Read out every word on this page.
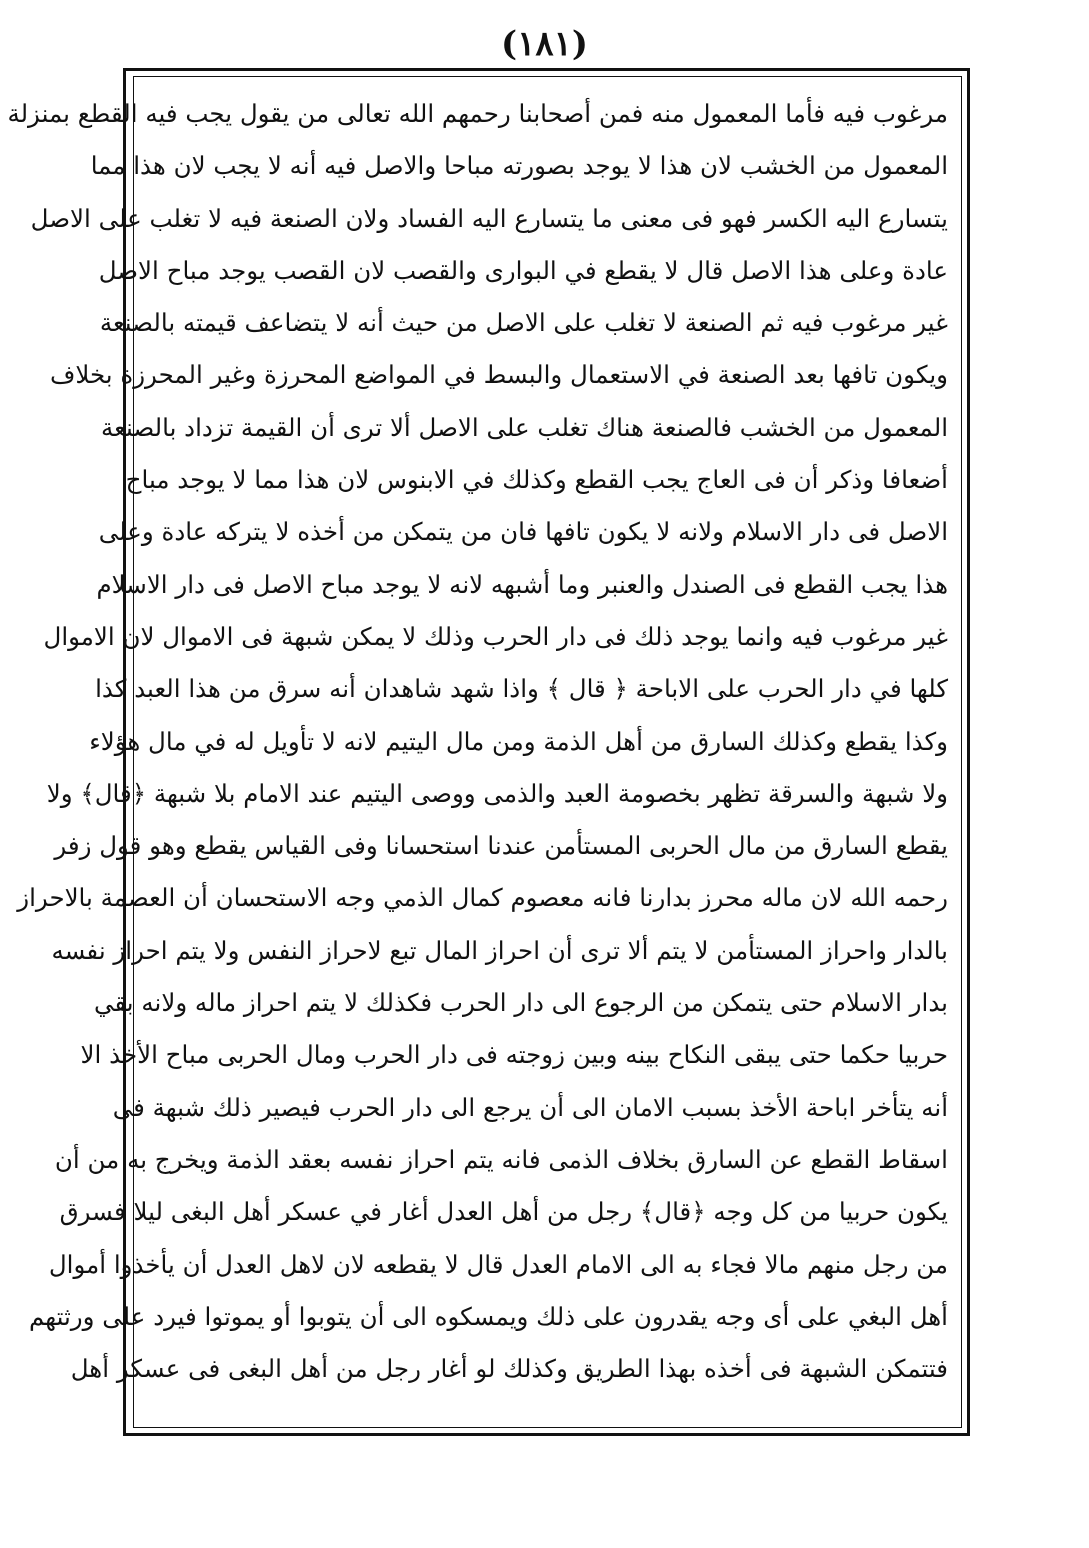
(١٨١)
مرغوب فيه فأما المعمول منه فمن أصحابنا رحمهم الله تعالى من يقول يجب فيه القطع بمنزلة
المعمول من الخشب لان هذا لا يوجد بصورته مباحا والاصل فيه أنه لا يجب لان هذا مما
يتسارع اليه الكسر فهو فى معنى ما يتسارع اليه الفساد ولان الصنعة فيه لا تغلب على الاصل
عادة وعلى هذا الاصل قال لا يقطع في البوارى والقصب لان القصب يوجد مباح الاصل
غير مرغوب فيه ثم الصنعة لا تغلب على الاصل من حيث أنه لا يتضاعف قيمته بالصنعة
ويكون تافها بعد الصنعة في الاستعمال والبسط في المواضع المحرزة وغير المحرزة بخلاف
المعمول من الخشب فالصنعة هناك تغلب على الاصل ألا ترى أن القيمة تزداد بالصنعة
أضعافا وذكر أن فى العاج يجب القطع وكذلك في الابنوس لان هذا مما لا يوجد مباح
الاصل فى دار الاسلام ولانه لا يكون تافها فان من يتمكن من أخذه لا يتركه عادة وعلى
هذا يجب القطع فى الصندل والعنبر وما أشبهه لانه لا يوجد مباح الاصل فى دار الاسلام
غير مرغوب فيه وانما يوجد ذلك فى دار الحرب وذلك لا يمكن شبهة فى الاموال لان الاموال
كلها في دار الحرب على الاباحة ﴿ قال ﴾ واذا شهد شاهدان أنه سرق من هذا العبد كذا
وكذا يقطع وكذلك السارق من أهل الذمة ومن مال اليتيم لانه لا تأويل له في مال هؤلاء
ولا شبهة والسرقة تظهر بخصومة العبد والذمى ووصى اليتيم عند الامام بلا شبهة ﴿قال﴾ ولا
يقطع السارق من مال الحربى المستأمن عندنا استحسانا وفى القياس يقطع وهو قول زفر
رحمه الله لان ماله محرز بدارنا فانه معصوم كمال الذمي وجه الاستحسان أن العصمة بالاحراز
بالدار واحراز المستأمن لا يتم ألا ترى أن احراز المال تبع لاحراز النفس ولا يتم احراز نفسه
بدار الاسلام حتى يتمكن من الرجوع الى دار الحرب فكذلك لا يتم احراز ماله ولانه بقي
حربيا حكما حتى يبقى النكاح بينه وبين زوجته فى دار الحرب ومال الحربى مباح الأخذ الا
أنه يتأخر اباحة الأخذ بسبب الامان الى أن يرجع الى دار الحرب فيصير ذلك شبهة فى
اسقاط القطع عن السارق بخلاف الذمى فانه يتم احراز نفسه بعقد الذمة ويخرج به من أن
يكون حربيا من كل وجه ﴿قال﴾ رجل من أهل العدل أغار في عسكر أهل البغى ليلا فسرق
من رجل منهم مالا فجاء به الى الامام العدل قال لا يقطعه لان لاهل العدل أن يأخذوا أموال
أهل البغي على أى وجه يقدرون على ذلك ويمسكوه الى أن يتوبوا أو يموتوا فيرد على ورثتهم
فتتمكن الشبهة فى أخذه بهذا الطريق وكذلك لو أغار رجل من أهل البغى فى عسكر أهل
